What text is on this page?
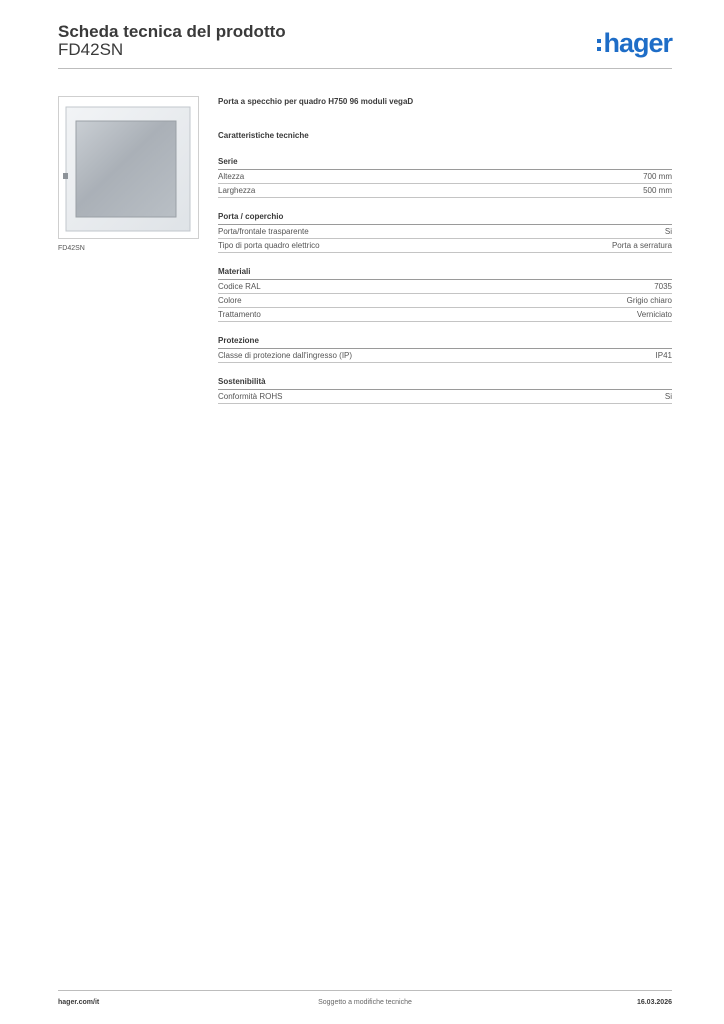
Scheda tecnica del prodotto
FD42SN	hager
FD42SN
Porta a specchio per quadro H750 96 moduli vegaD
Caratteristiche tecniche
Serie
Altezza	700 mm
Larghezza	500 mm
Porta / coperchio
Porta/frontale trasparente	Si
Tipo di porta quadro elettrico	Porta a serratura
Materiali
Codice RAL	7035
Colore	Grigio chiaro
Trattamento	Verniciato
Protezione
Classe di protezione dall'ingresso (IP)	IP41
Sostenibilità
Conformità ROHS	Si
hager.com/it	Soggetto a modifiche tecniche	16.03.2026
